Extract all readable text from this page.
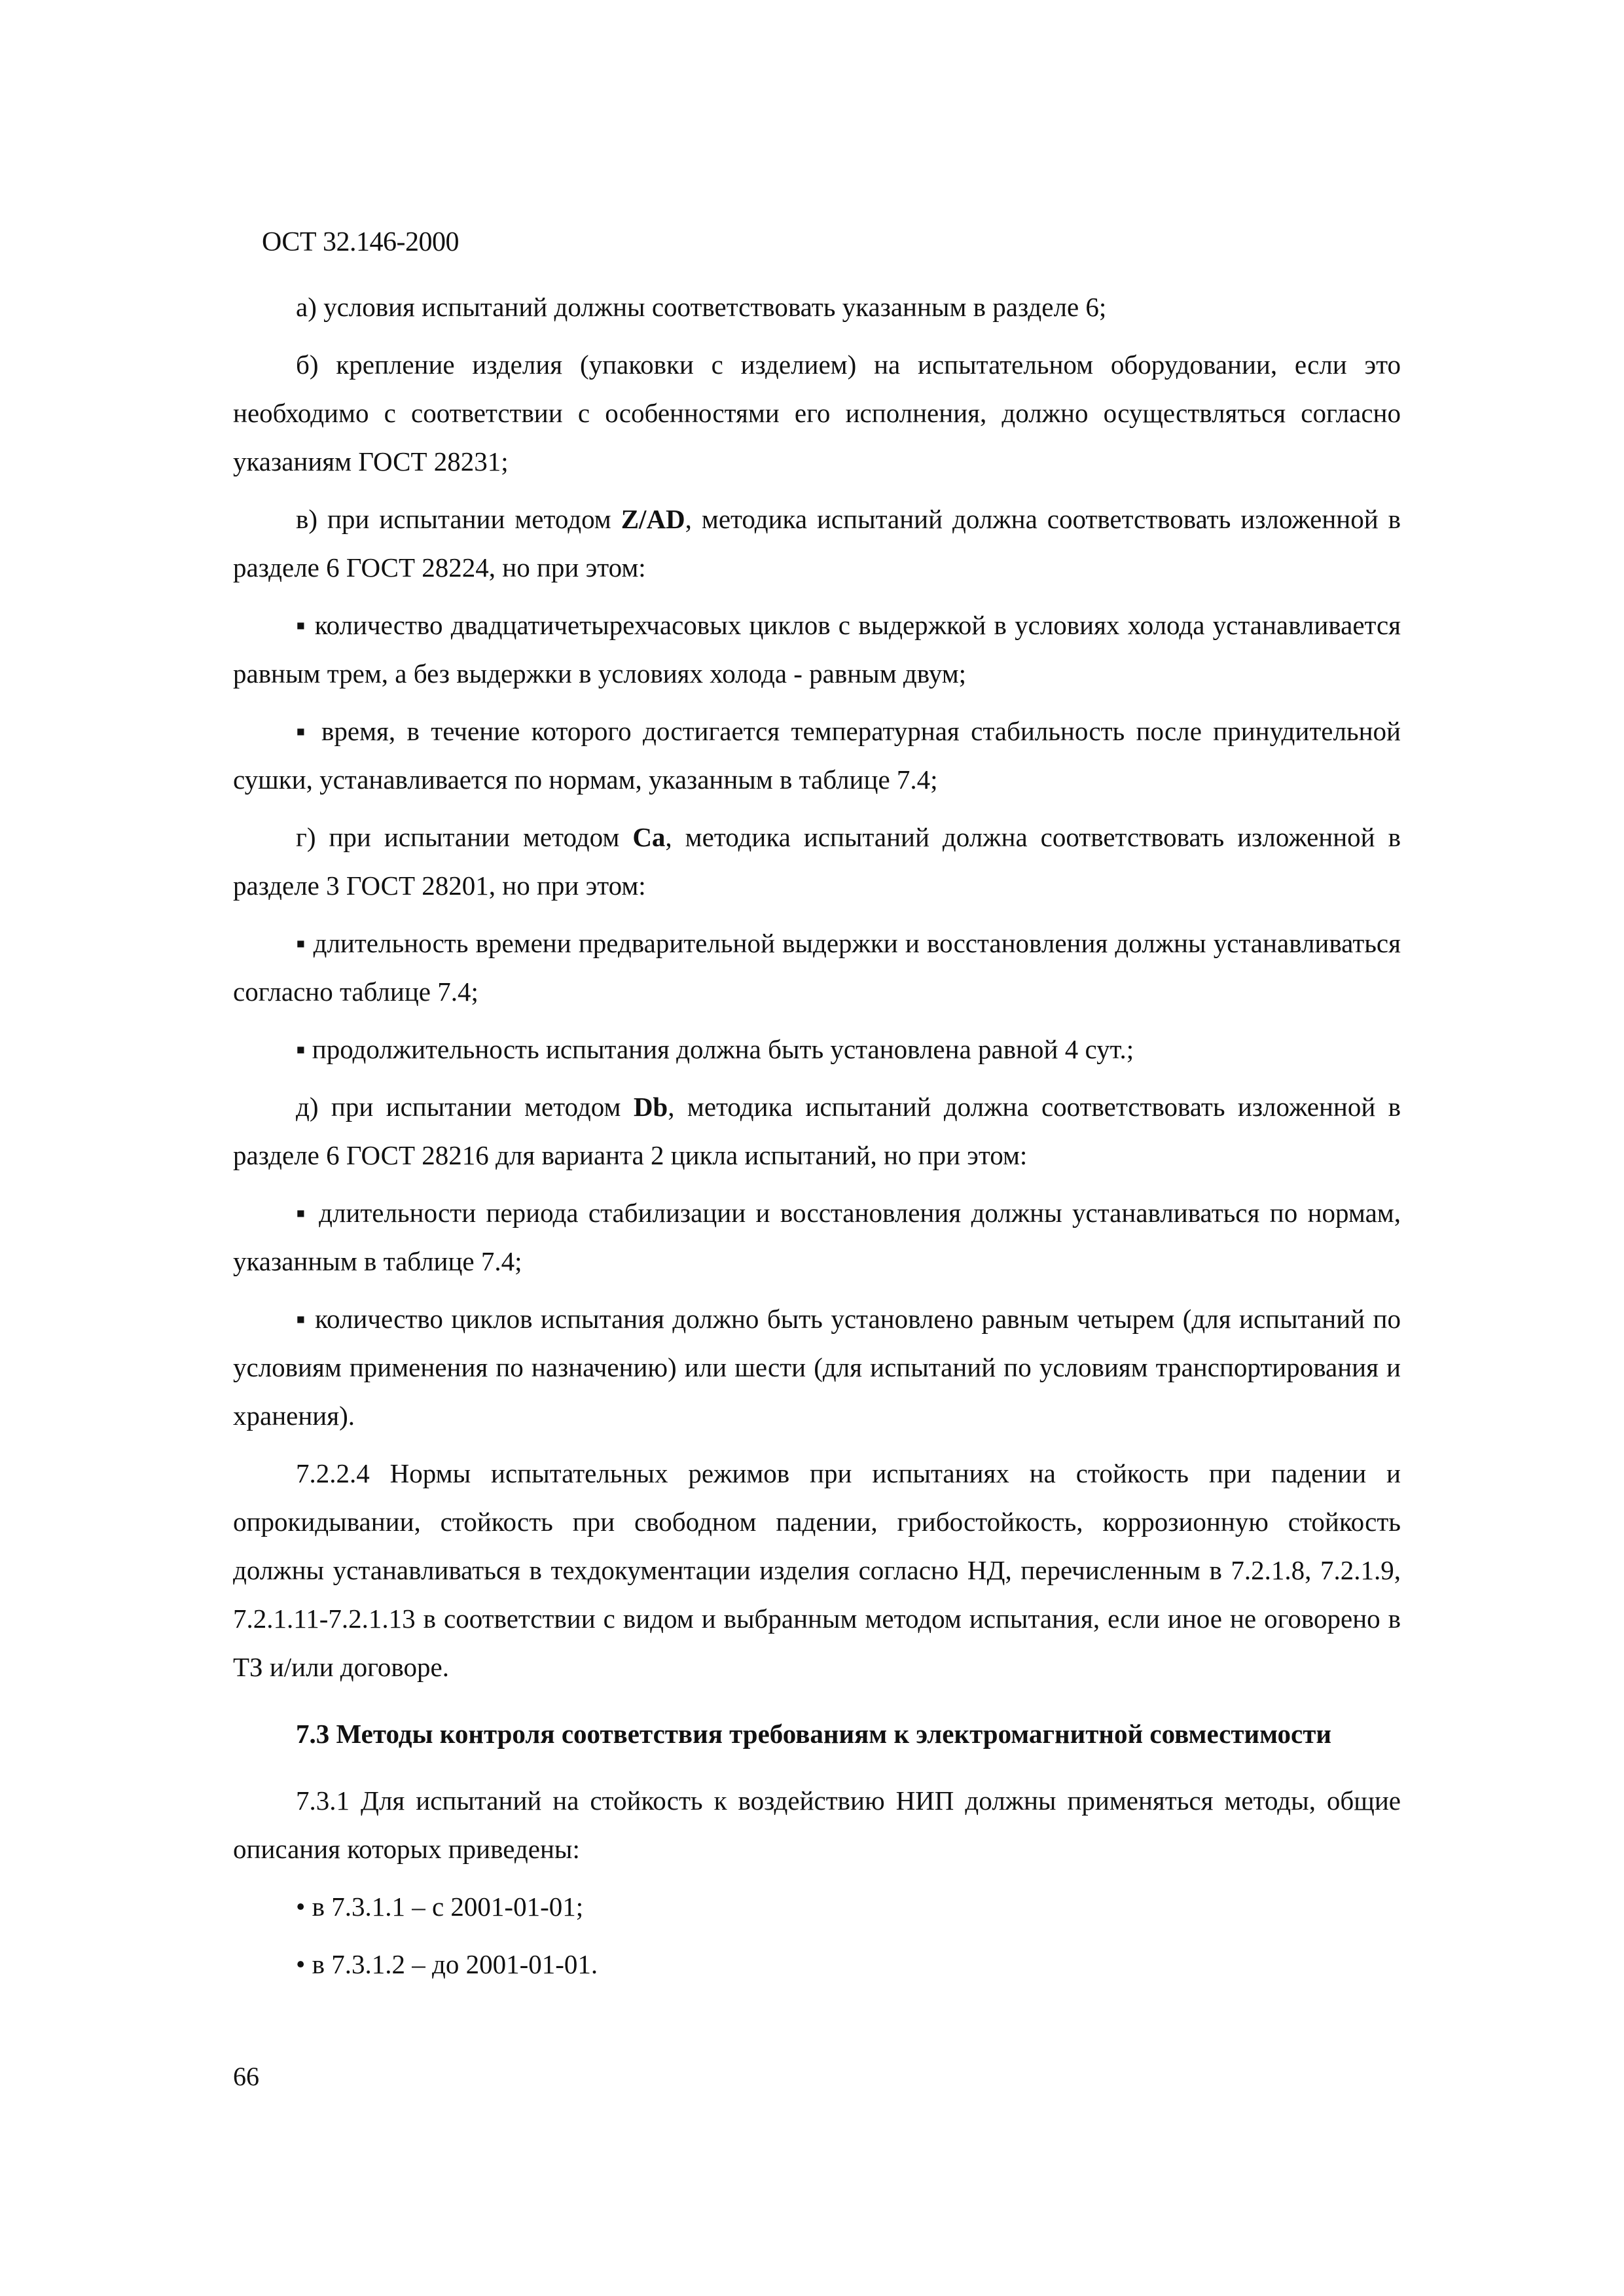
ОСТ 32.146-2000

а) условия испытаний должны соответствовать указанным в разделе 6;

б) крепление изделия (упаковки с изделием) на испытательном оборудовании, если это необходимо с соответствии с особенностями его исполнения, должно осуществляться согласно указаниям ГОСТ 28231;

в) при испытании методом Z/AD, методика испытаний должна соответствовать изложенной в разделе 6 ГОСТ 28224, но при этом:

▪ количество двадцатичетырехчасовых циклов с выдержкой в условиях холода устанавливается равным трем, а без выдержки в условиях холода - равным двум;

▪ время, в течение которого достигается температурная стабильность после принудительной сушки, устанавливается по нормам, указанным в таблице 7.4;

г) при испытании методом Са, методика испытаний должна соответствовать изложенной в разделе 3 ГОСТ 28201, но при этом:

▪ длительность времени предварительной выдержки и восстановления должны устанавливаться согласно таблице 7.4;

▪ продолжительность испытания должна быть установлена равной 4 сут.;

д) при испытании методом Db, методика испытаний должна соответствовать изложенной в разделе 6 ГОСТ 28216 для варианта 2 цикла испытаний, но при этом:

▪ длительности периода стабилизации и восстановления должны устанавливаться по нормам, указанным в таблице 7.4;

▪ количество циклов испытания должно быть установлено равным четырем (для испытаний по условиям применения по назначению) или шести (для испытаний по условиям транспортирования и хранения).

7.2.2.4 Нормы испытательных режимов при испытаниях на стойкость при падении и опрокидывании, стойкость при свободном падении, грибостойкость, коррозионную стойкость должны устанавливаться в техдокументации изделия согласно НД, перечисленным в 7.2.1.8, 7.2.1.9, 7.2.1.11-7.2.1.13 в соответствии с видом и выбранным методом испытания, если иное не оговорено в ТЗ и/или договоре.

7.3 Методы контроля соответствия требованиям к электромагнитной совместимости

7.3.1 Для испытаний на стойкость к воздействию НИП должны применяться методы, общие описания которых приведены:

• в 7.3.1.1 – с 2001-01-01;

• в 7.3.1.2 – до 2001-01-01.

66
